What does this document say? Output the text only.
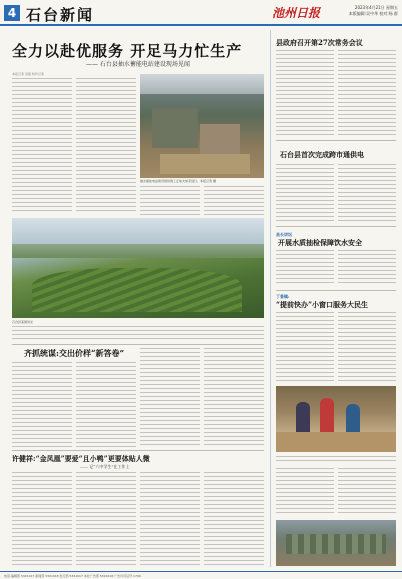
4 石台新闻	池州日报	2023年4月21日 星期五
本版编辑:吴中华 校对:杨 群
全力以赴优服务 开足马力忙生产
—— 石台县抽水蓄能电站建设现场见闻
本报记者 吴强 特约记者
抽水蓄能电站建设现场施工正如火如荼进行。本报记者 摄
石台县茶园风光
齐抓统谋:交出价样“新答卷”
许健祥:“金凤凰”要爱“且小鸭”更要体贴人微
—— 记“六中学生”在工作上
县政府召开第27次常务会议
石台县首次完成跨市通供电
县长讲坛
开展水质抽检保障饮水安全
丁香镇:
“提前快办”小窗口服务大民生
电话:编辑部 5321017 新闻部 5321018 发行部 5321017 本社广告部 5321018 广告许可证号 1700
